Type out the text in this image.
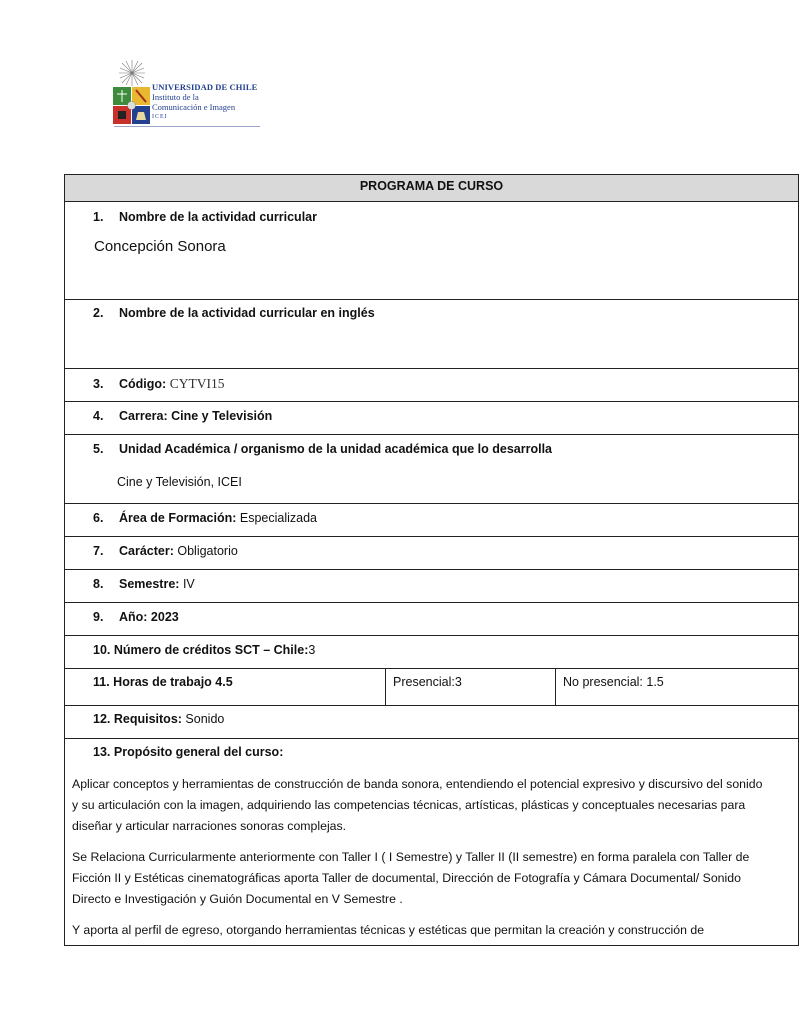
UNIVERSIDAD DE CHILE
Instituto de la
Comunicación e Imagen
ICEI
PROGRAMA DE CURSO
1. Nombre de la actividad curricular
Concepción Sonora
2. Nombre de la actividad curricular en inglés
3. Código: CYTVI15
4. Carrera: Cine y Televisión
5. Unidad Académica / organismo de la unidad académica que lo desarrolla
Cine y Televisión, ICEI
6. Área de Formación: Especializada
7. Carácter: Obligatorio
8. Semestre: IV
9. Año: 2023
10. Número de créditos SCT – Chile:3
11. Horas de trabajo 4.5	Presencial:3	No presencial: 1.5
12. Requisitos: Sonido
13. Propósito general del curso:
Aplicar conceptos y herramientas de construcción de banda sonora, entendiendo el potencial expresivo y discursivo del sonido y su articulación con la imagen, adquiriendo las competencias técnicas, artísticas, plásticas y conceptuales necesarias para diseñar y articular narraciones sonoras complejas.
Se Relaciona Curricularmente anteriormente con Taller I ( I Semestre) y Taller II (II semestre) en forma paralela con Taller de Ficción II y Estéticas cinematográficas aporta Taller de documental, Dirección de Fotografía y Cámara Documental/ Sonido Directo e Investigación y Guión Documental en V Semestre .
Y aporta al perfil de egreso, otorgando herramientas técnicas y estéticas que permitan la creación y construcción de
